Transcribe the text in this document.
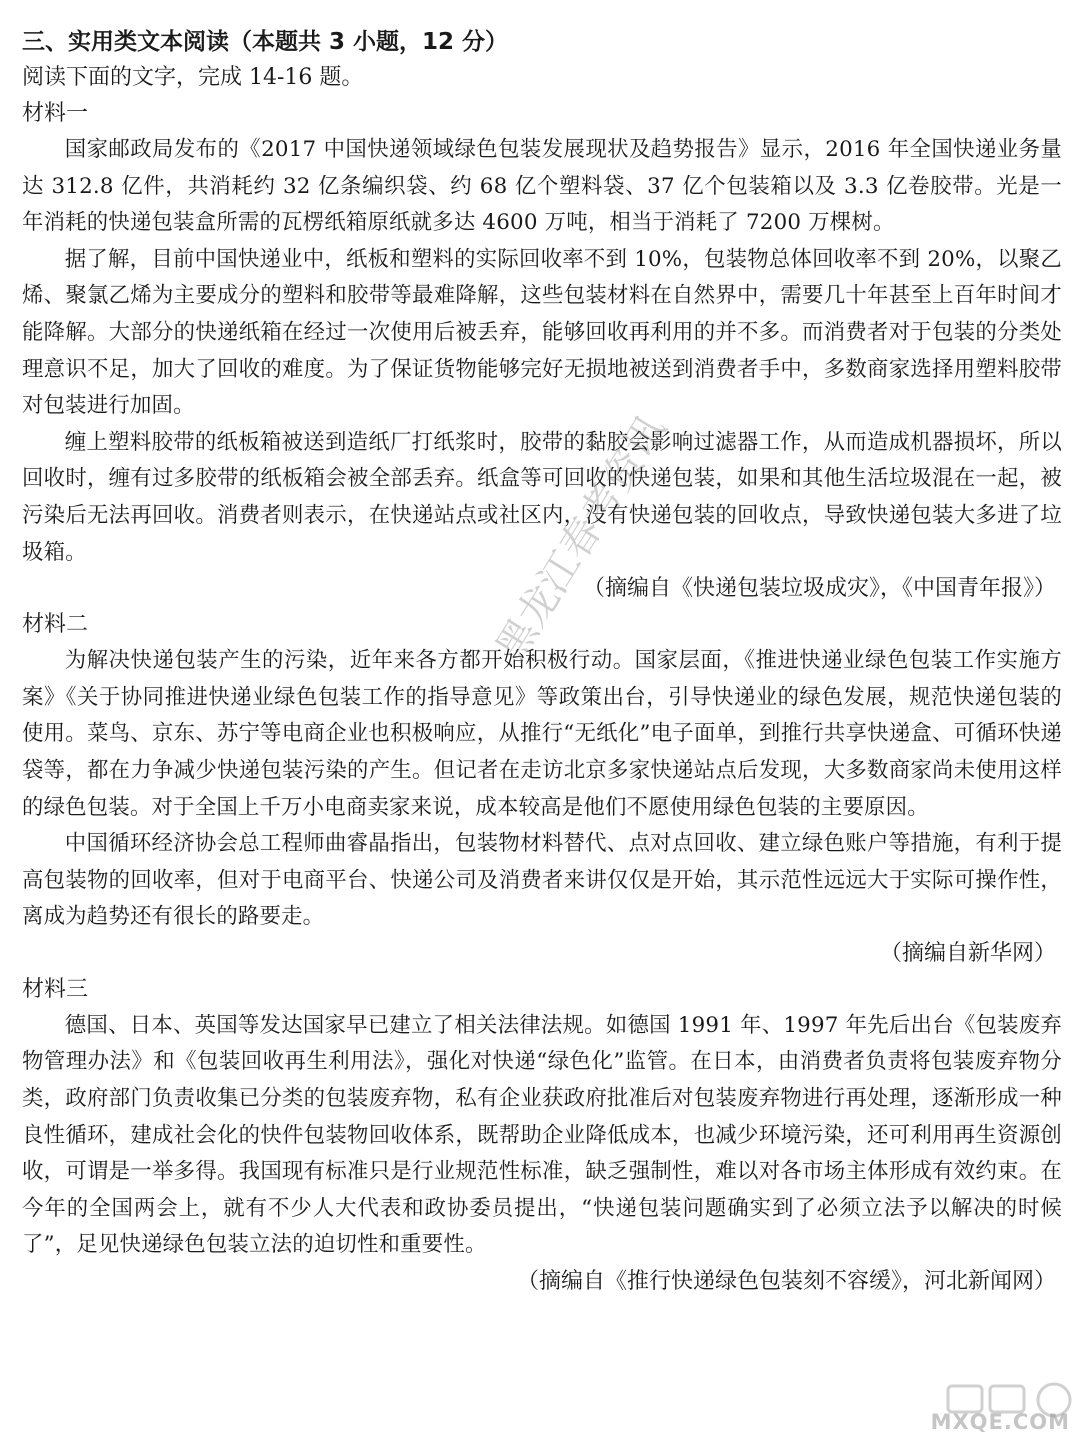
三、实用类文本阅读（本题共 3 小题，12 分）

阅读下面的文字，完成 14-16 题。

材料一

国家邮政局发布的《2017 中国快递领域绿色包装发展现状及趋势报告》显示，2016 年全国快递业务量达 312.8 亿件，共消耗约 32 亿条编织袋、约 68 亿个塑料袋、37 亿个包装箱以及 3.3 亿卷胶带。光是一年消耗的快递包装盒所需的瓦楞纸箱原纸就多达 4600 万吨，相当于消耗了 7200 万棵树。

据了解，目前中国快递业中，纸板和塑料的实际回收率不到 10%，包装物总体回收率不到 20%，以聚乙烯、聚氯乙烯为主要成分的塑料和胶带等最难降解，这些包装材料在自然界中，需要几十年甚至上百年时间才能降解。大部分的快递纸箱在经过一次使用后被丢弃，能够回收再利用的并不多。而消费者对于包装的分类处理意识不足，加大了回收的难度。为了保证货物能够完好无损地被送到消费者手中，多数商家选择用塑料胶带对包装进行加固。

缠上塑料胶带的纸板箱被送到造纸厂打纸浆时，胶带的黏胶会影响过滤器工作，从而造成机器损坏，所以回收时，缠有过多胶带的纸板箱会被全部丢弃。纸盒等可回收的快递包装，如果和其他生活垃圾混在一起，被污染后无法再回收。消费者则表示，在快递站点或社区内，没有快递包装的回收点，导致快递包装大多进了垃圾箱。

（摘编自《快递包装垃圾成灾》，《中国青年报》）

材料二

为解决快递包装产生的污染，近年来各方都开始积极行动。国家层面，《推进快递业绿色包装工作实施方案》《关于协同推进快递业绿色包装工作的指导意见》等政策出台，引导快递业的绿色发展，规范快递包装的使用。菜鸟、京东、苏宁等电商企业也积极响应，从推行“无纸化”电子面单，到推行共享快递盒、可循环快递袋等，都在力争减少快递包装污染的产生。但记者在走访北京多家快递站点后发现，大多数商家尚未使用这样的绿色包装。对于全国上千万小电商卖家来说，成本较高是他们不愿使用绿色包装的主要原因。

中国循环经济协会总工程师曲睿晶指出，包装物材料替代、点对点回收、建立绿色账户等措施，有利于提高包装物的回收率，但对于电商平台、快递公司及消费者来讲仅仅是开始，其示范性远远大于实际可操作性，离成为趋势还有很长的路要走。

（摘编自新华网）

材料三

德国、日本、英国等发达国家早已建立了相关法律法规。如德国 1991 年、1997 年先后出台《包装废弃物管理办法》和《包装回收再生利用法》，强化对快递“绿色化”监管。在日本，由消费者负责将包装废弃物分类，政府部门负责收集已分类的包装废弃物，私有企业获政府批准后对包装废弃物进行再处理，逐渐形成一种良性循环，建成社会化的快件包装物回收体系，既帮助企业降低成本，也减少环境污染，还可利用再生资源创收，可谓是一举多得。我国现有标准只是行业规范性标准，缺乏强制性，难以对各市场主体形成有效约束。在今年的全国两会上，就有不少人大代表和政协委员提出，“快递包装问题确实到了必须立法予以解决的时候了”，足见快递绿色包装立法的迫切性和重要性。

（摘编自《推行快递绿色包装刻不容缓》，河北新闻网）

黑龙江春考资讯
MXQE.COM
